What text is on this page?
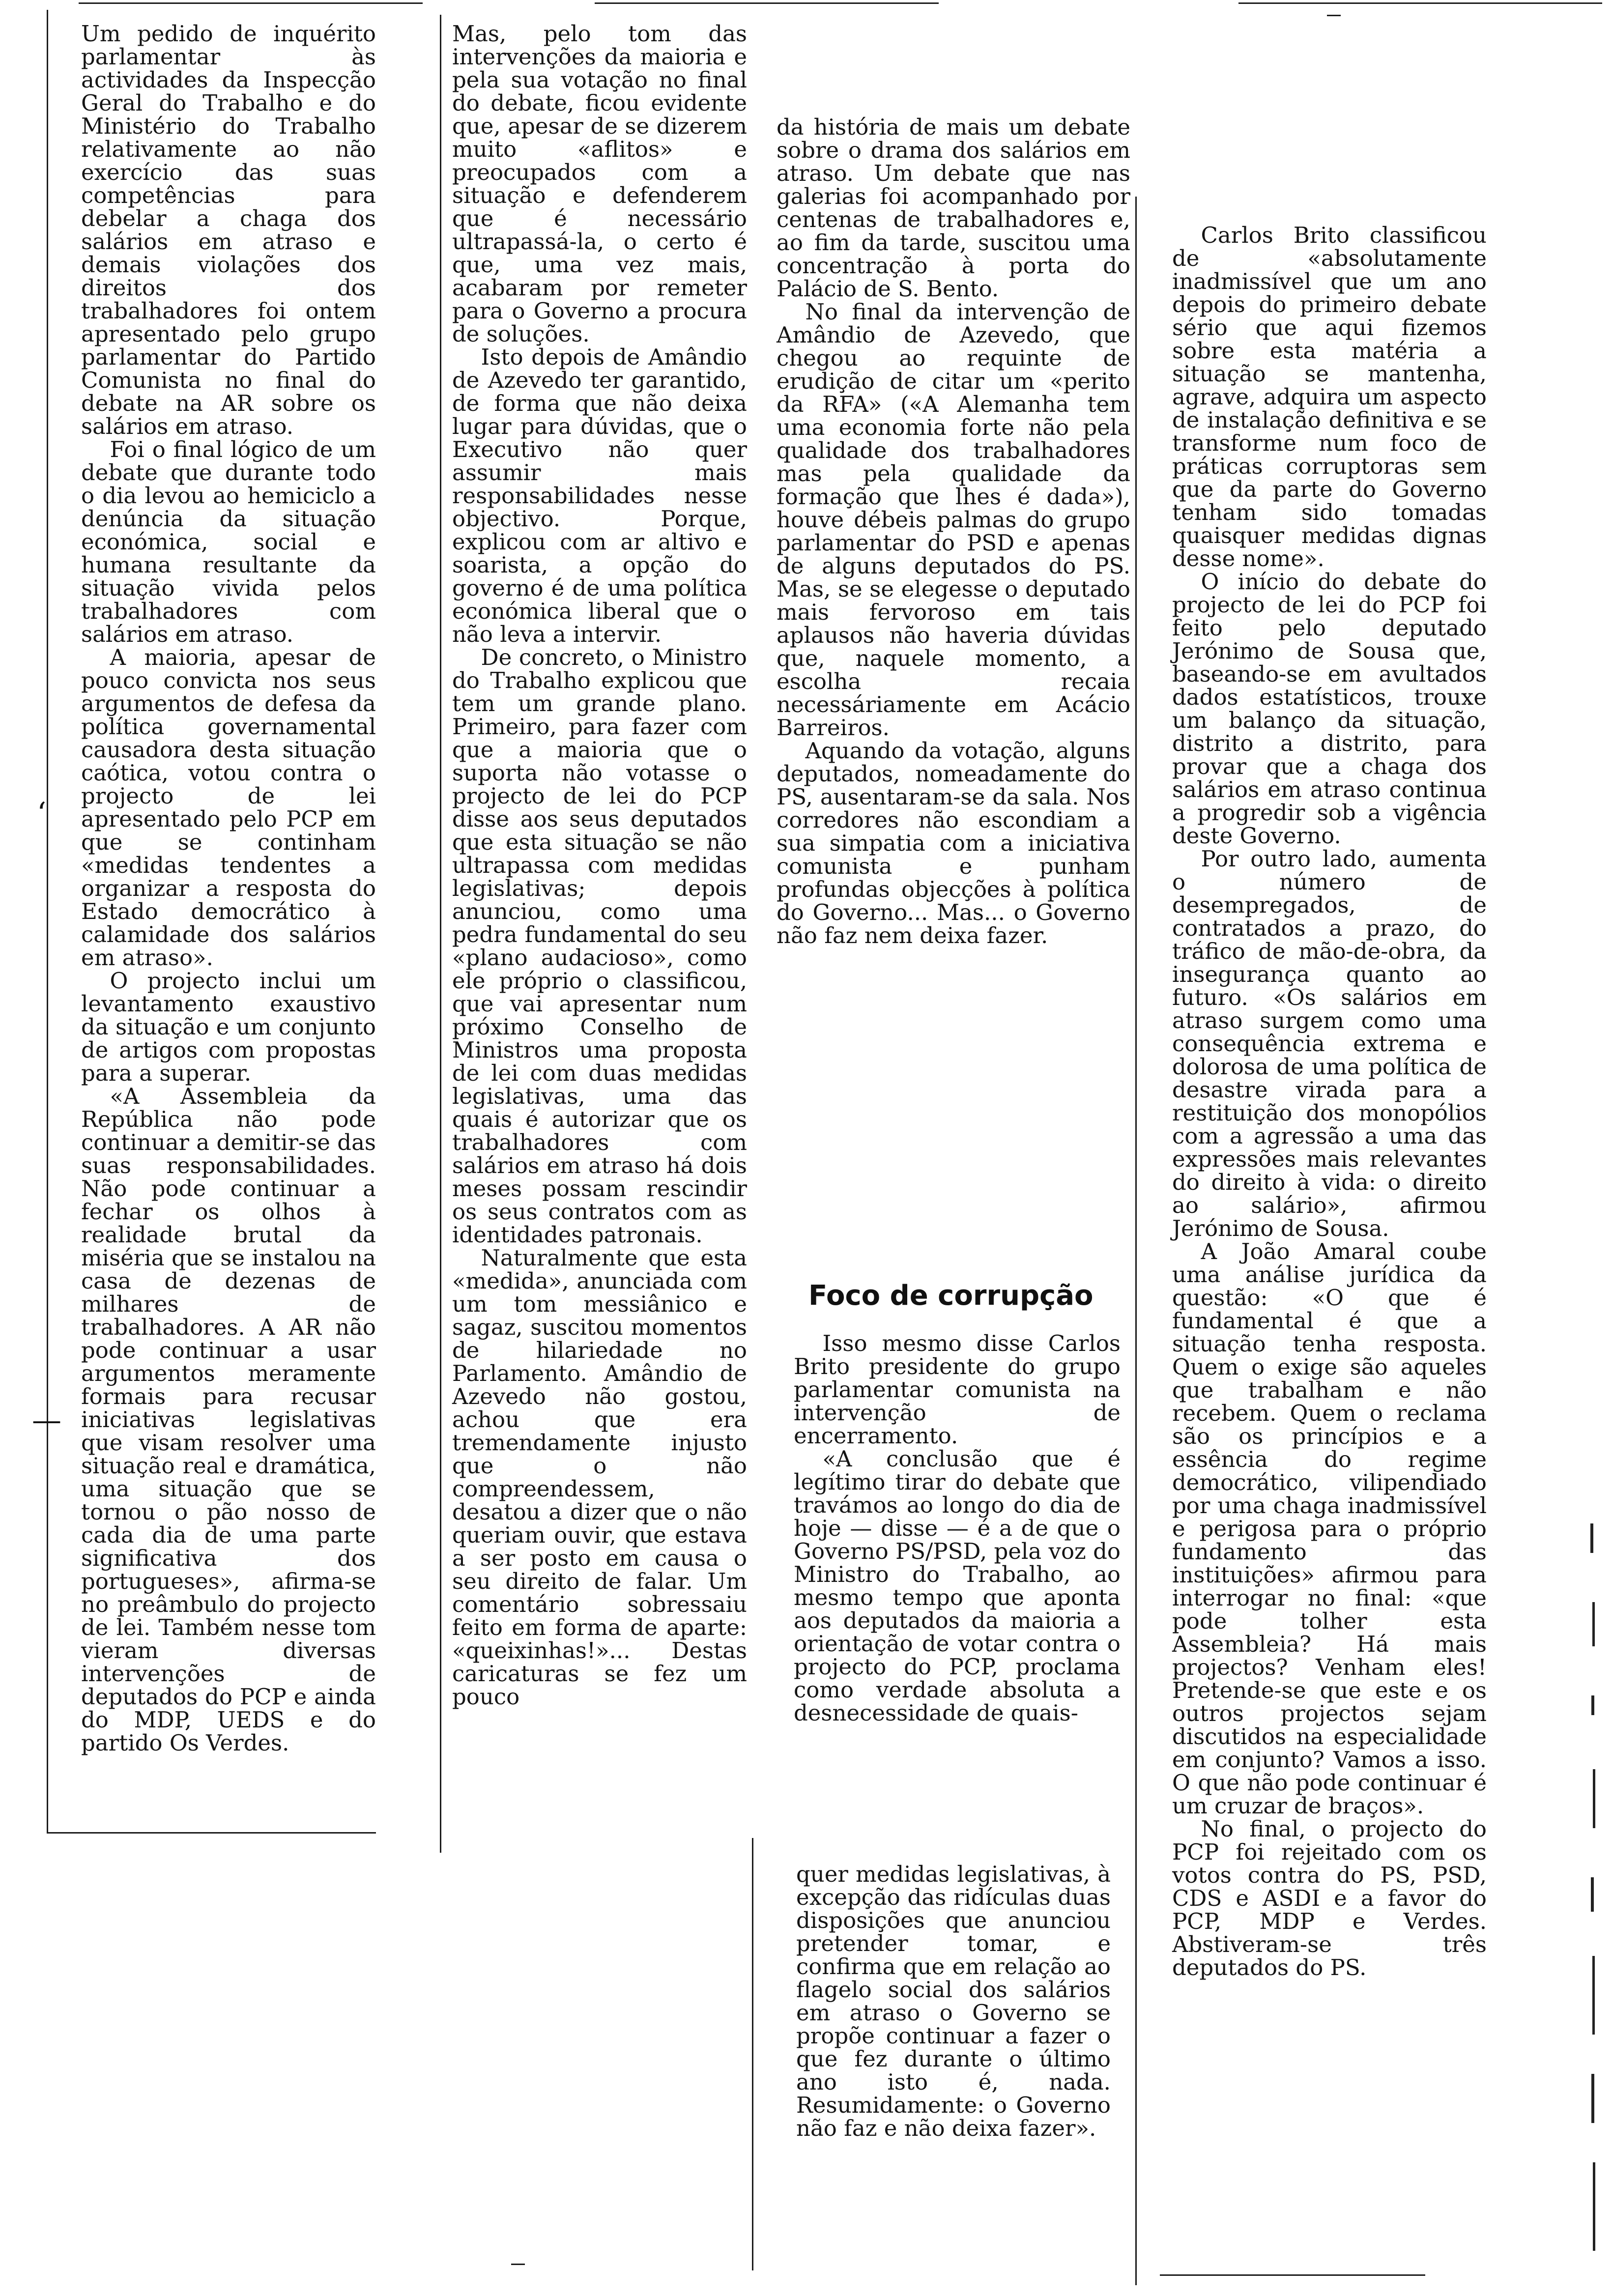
‘
—

Um pedido de inquérito parlamentar às actividades da Inspecção Geral do Trabalho e do Ministério do Trabalho relativamente ao não exercício das suas competências para debelar a chaga dos salários em atraso e demais violações dos direitos dos trabalhadores foi ontem apresentado pelo grupo parlamentar do Partido Comunista no final do debate na AR sobre os salários em atraso.

Foi o final lógico de um debate que durante todo o dia levou ao hemiciclo a denúncia da situação económica, social e humana resultante da situação vivida pelos trabalhadores com salários em atraso.

A maioria, apesar de pouco convicta nos seus argumentos de defesa da política governamental causadora desta situação caótica, votou contra o projecto de lei apresentado pelo PCP em que se continham «medidas tendentes a organizar a resposta do Estado democrático à calamidade dos salários em atraso».

O projecto inclui um levantamento exaustivo da situação e um conjunto de artigos com propostas para a superar.

«A Assembleia da República não pode continuar a demitir-se das suas responsabilidades. Não pode continuar a fechar os olhos à realidade brutal da miséria que se instalou na casa de dezenas de milhares de trabalhadores. A AR não pode continuar a usar argumentos meramente formais para recusar iniciativas legislativas que visam resolver uma situação real e dramática, uma situação que se tornou o pão nosso de cada dia de uma parte significativa dos portugueses», afirma-se no preâmbulo do projecto de lei. Também nesse tom vieram diversas intervenções de deputados do PCP e ainda do MDP, UEDS e do partido Os Verdes.

Mas, pelo tom das intervenções da maioria e pela sua votação no final do debate, ficou evidente que, apesar de se dizerem muito «aflitos» e preocupados com a situação e defenderem que é necessário ultrapassá-la, o certo é que, uma vez mais, acabaram por remeter para o Governo a procura de soluções.

Isto depois de Amândio de Azevedo ter garantido, de forma que não deixa lugar para dúvidas, que o Executivo não quer assumir mais responsabilidades nesse objectivo. Porque, explicou com ar altivo e soarista, a opção do governo é de uma política económica liberal que o não leva a intervir.

De concreto, o Ministro do Trabalho explicou que tem um grande plano. Primeiro, para fazer com que a maioria que o suporta não votasse o projecto de lei do PCP disse aos seus deputados que esta situação se não ultrapassa com medidas legislativas; depois anunciou, como uma pedra fundamental do seu «plano audacioso», como ele próprio o classificou, que vai apresentar num próximo Conselho de Ministros uma proposta de lei com duas medidas legislativas, uma das quais é autorizar que os trabalhadores com salários em atraso há dois meses possam rescindir os seus contratos com as identidades patronais.

Naturalmente que esta «medida», anunciada com um tom messiânico e sagaz, suscitou momentos de hilariedade no Parlamento. Amândio de Azevedo não gostou, achou que era tremendamente injusto que o não compreendessem, desatou a dizer que o não queriam ouvir, que estava a ser posto em causa o seu direito de falar. Um comentário sobressaiu feito em forma de aparte: «queixinhas!»... Destas caricaturas se fez um pouco

da história de mais um debate sobre o drama dos salários em atraso. Um debate que nas galerias foi acompanhado por centenas de trabalhadores e, ao fim da tarde, suscitou uma concentração à porta do Palácio de S. Bento.

No final da intervenção de Amândio de Azevedo, que chegou ao requinte de erudição de citar um «perito da RFA» («A Alemanha tem uma economia forte não pela qualidade dos trabalhadores mas pela qualidade da formação que lhes é dada»), houve débeis palmas do grupo parlamentar do PSD e apenas de alguns deputados do PS. Mas, se se elegesse o deputado mais fervoroso em tais aplausos não haveria dúvidas que, naquele momento, a escolha recaia necessáriamente em Acácio Barreiros.

Aquando da votação, alguns deputados, nomeadamente do PS, ausentaram-se da sala. Nos corredores não escondiam a sua simpatia com a iniciativa comunista e punham profundas objecções à política do Governo... Mas... o Governo não faz nem deixa fazer.

Foco de corrupção

Isso mesmo disse Carlos Brito presidente do grupo parlamentar comunista na intervenção de encerramento.

«A conclusão que é legítimo tirar do debate que travámos ao longo do dia de hoje — disse — é a de que o Governo PS/PSD, pela voz do Ministro do Trabalho, ao mesmo tempo que aponta aos deputados da maioria a orientação de votar contra o projecto do PCP, proclama como verdade absoluta a desnecessidade de quais-

quer medidas legislativas, à excepção das ridículas duas disposições que anunciou pretender tomar, e confirma que em relação ao flagelo social dos salários em atraso o Governo se propõe continuar a fazer o que fez durante o último ano isto é, nada. Resumidamente: o Governo não faz e não deixa fazer».

Carlos Brito classificou de «absolutamente inadmissível que um ano depois do primeiro debate sério que aqui fizemos sobre esta matéria a situação se mantenha, agrave, adquira um aspecto de instalação definitiva e se transforme num foco de práticas corruptoras sem que da parte do Governo tenham sido tomadas quaisquer medidas dignas desse nome».

O início do debate do projecto de lei do PCP foi feito pelo deputado Jerónimo de Sousa que, baseando-se em avultados dados estatísticos, trouxe um balanço da situação, distrito a distrito, para provar que a chaga dos salários em atraso continua a progredir sob a vigência deste Governo.

Por outro lado, aumenta o número de desempregados, de contratados a prazo, do tráfico de mão-de-obra, da insegurança quanto ao futuro. «Os salários em atraso surgem como uma consequência extrema e dolorosa de uma política de desastre virada para a restituição dos monopólios com a agressão a uma das expressões mais relevantes do direito à vida: o direito ao salário», afirmou Jerónimo de Sousa.

A João Amaral coube uma análise jurídica da questão: «O que é fundamental é que a situação tenha resposta. Quem o exige são aqueles que trabalham e não recebem. Quem o reclama são os princípios e a essência do regime democrático, vilipendiado por uma chaga inadmissível e perigosa para o próprio fundamento das instituições» afirmou para interrogar no final: «que pode tolher esta Assembleia? Há mais projectos? Venham eles! Pretende-se que este e os outros projectos sejam discutidos na especialidade em conjunto? Vamos a isso. O que não pode continuar é um cruzar de braços».

No final, o projecto do PCP foi rejeitado com os votos contra do PS, PSD, CDS e ASDI e a favor do PCP, MDP e Verdes. Abstiveram-se três deputados do PS.
